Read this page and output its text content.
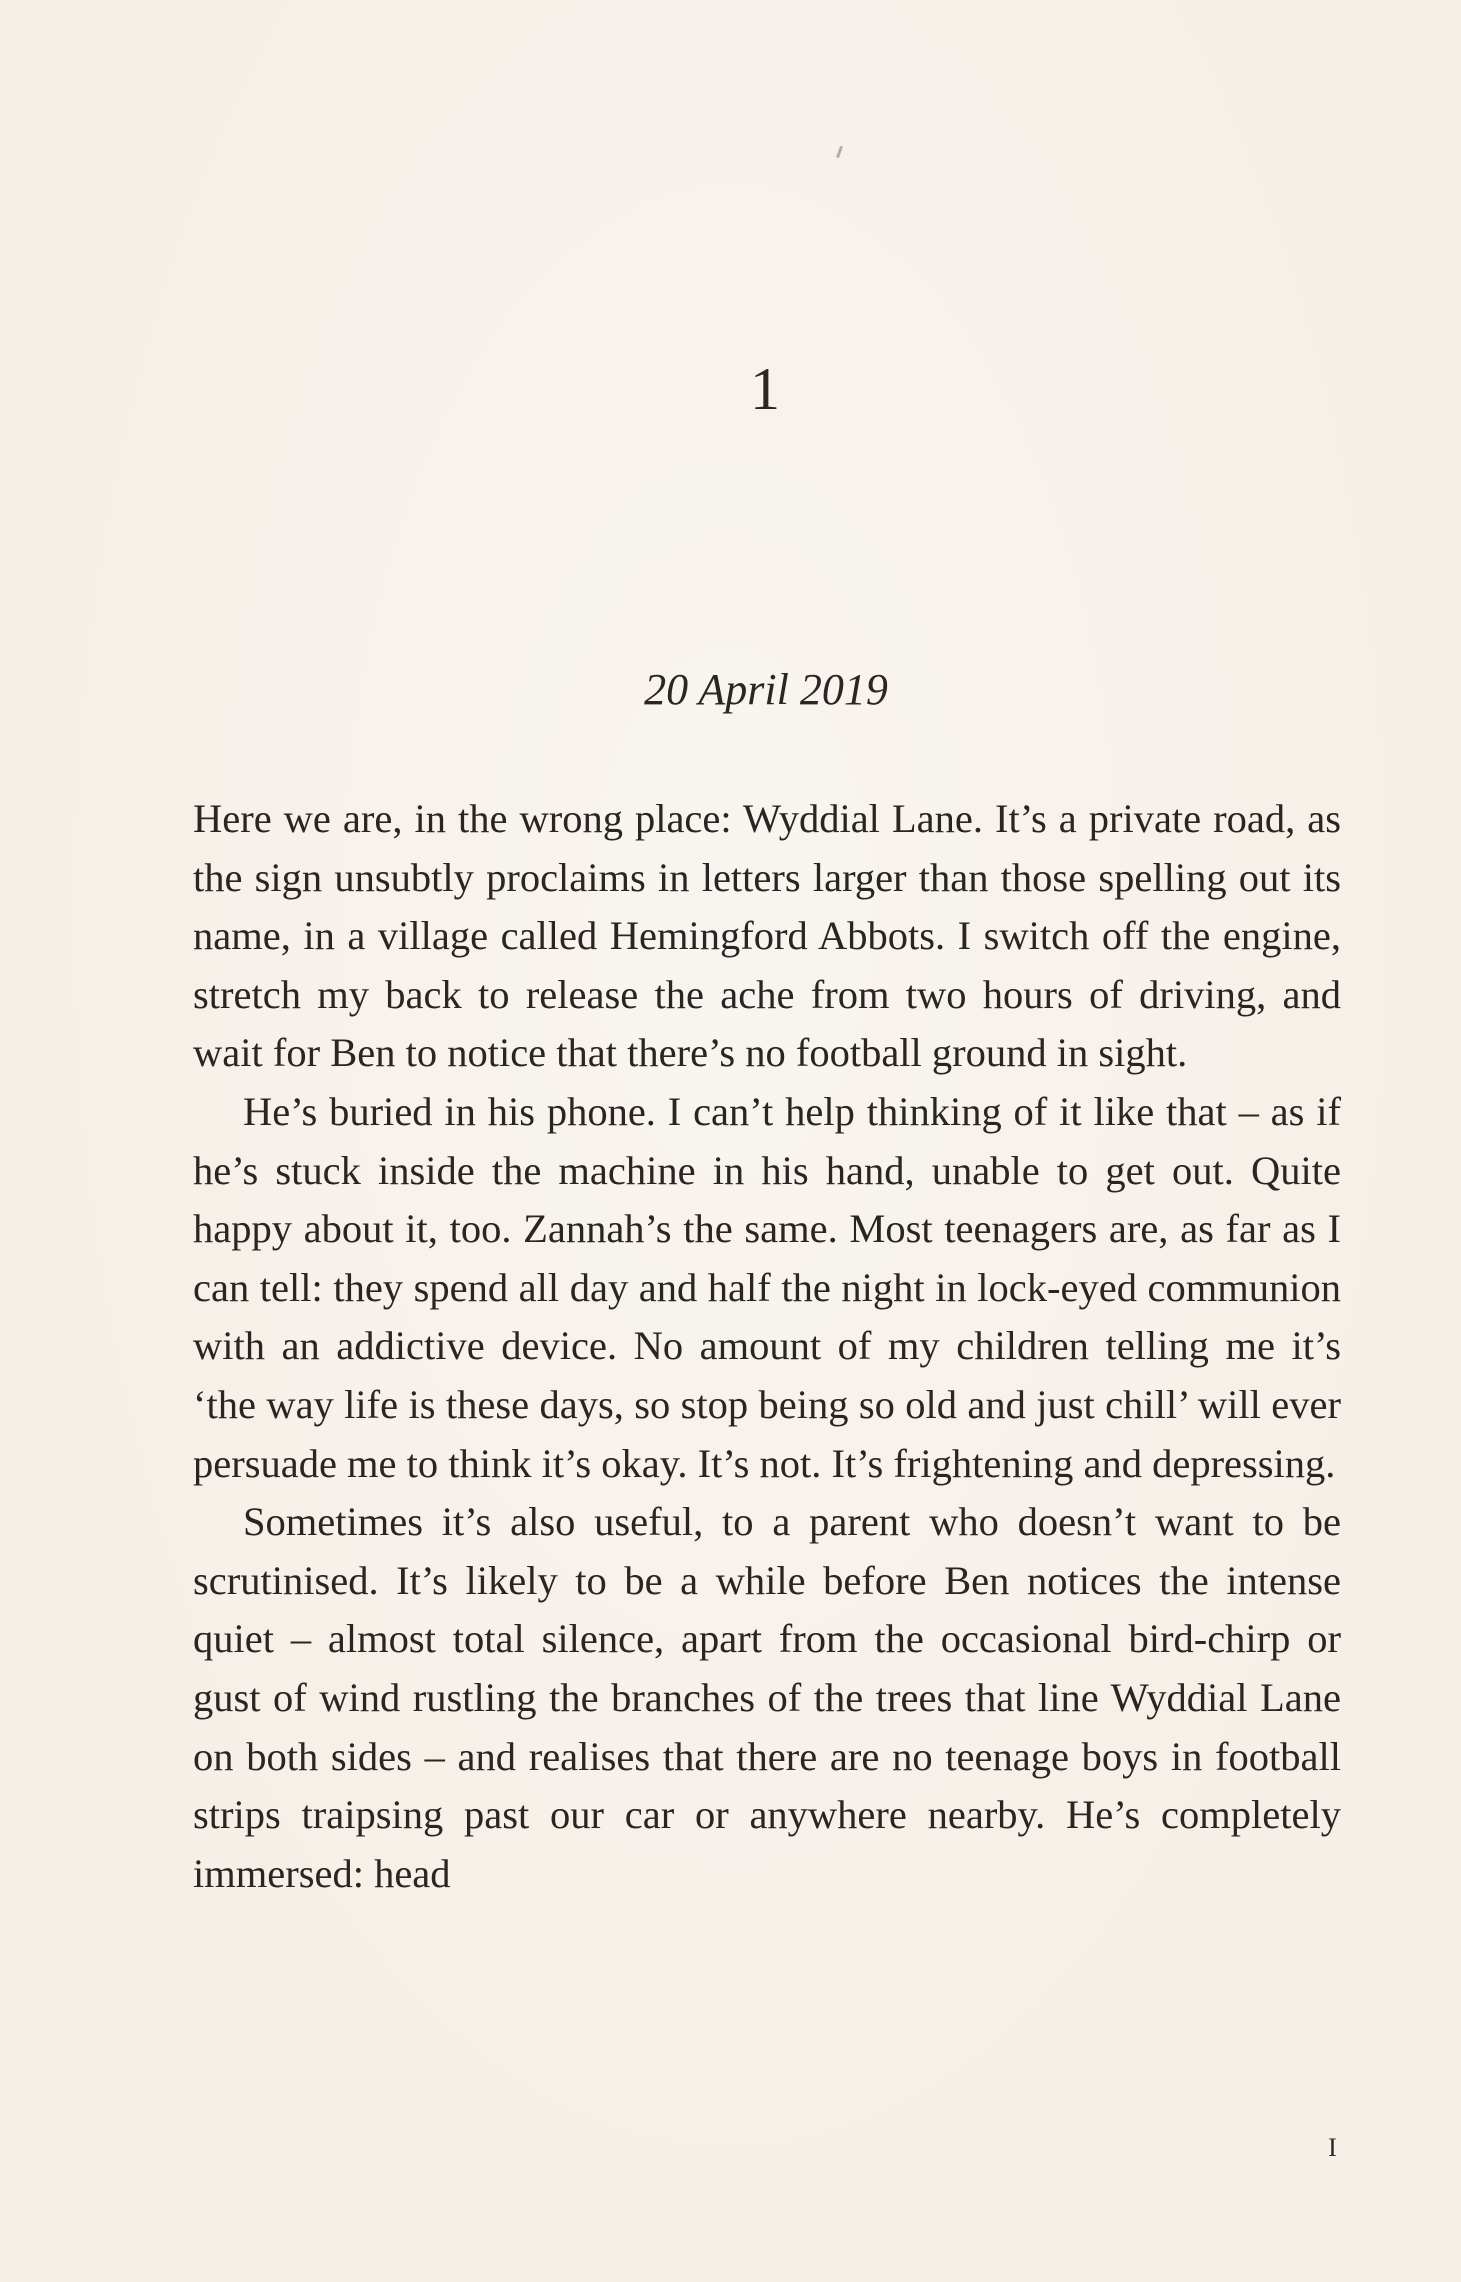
1
20 April 2019

Here we are, in the wrong place: Wyddial Lane. It’s a private road, as the sign unsubtly proclaims in letters larger than those spelling out its name, in a village called Hemingford Abbots. I switch off the engine, stretch my back to release the ache from two hours of driving, and wait for Ben to notice that there’s no football ground in sight.

He’s buried in his phone. I can’t help thinking of it like that – as if he’s stuck inside the machine in his hand, unable to get out. Quite happy about it, too. Zannah’s the same. Most teenagers are, as far as I can tell: they spend all day and half the night in lock-eyed communion with an addictive device. No amount of my children telling me it’s ‘the way life is these days, so stop being so old and just chill’ will ever persuade me to think it’s okay. It’s not. It’s frightening and depressing.

Sometimes it’s also useful, to a parent who doesn’t want to be scrutinised. It’s likely to be a while before Ben notices the intense quiet – almost total silence, apart from the occasional bird-chirp or gust of wind rustling the branches of the trees that line Wyddial Lane on both sides – and realises that there are no teenage boys in football strips traipsing past our car or anywhere nearby. He’s completely immersed: head

I
